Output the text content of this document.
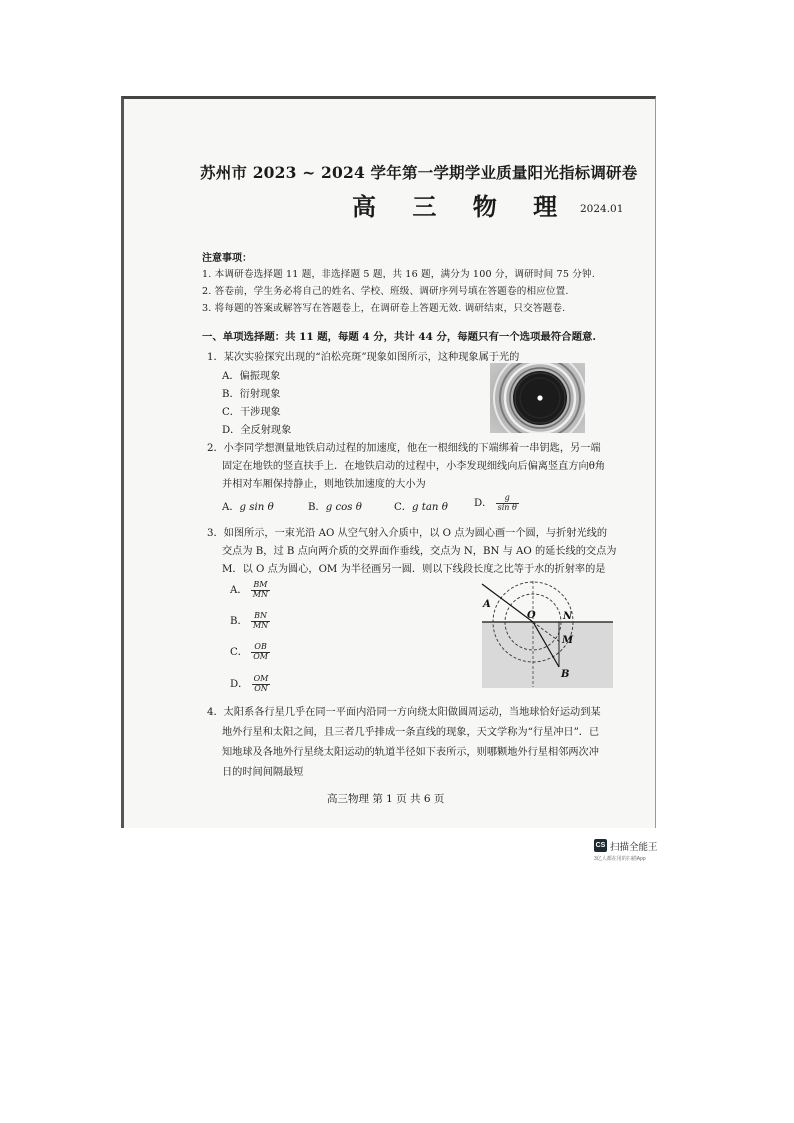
苏州市 2023 ~ 2024 学年第一学期学业质量阳光指标调研卷
高 三 物 理 2024.01
注意事项：
1. 本调研卷选择题 11 题，非选择题 5 题，共 16 题，满分为 100 分，调研时间 75 分钟.
2. 答卷前，学生务必将自己的姓名、学校、班级、调研序列号填在答题卷的相应位置.
3. 将每题的答案或解答写在答题卷上，在调研卷上答题无效. 调研结束，只交答题卷.
一、单项选择题：共 11 题，每题 4 分，共计 44 分，每题只有一个选项最符合题意.
1．某次实验探究出现的“泊松亮斑”现象如图所示，这种现象属于光的
A．偏振现象
B．衍射现象
C．干涉现象
D．全反射现象
2．小李同学想测量地铁启动过程的加速度，他在一根细线的下端绑着一串钥匙，另一端
固定在地铁的竖直扶手上．在地铁启动的过程中，小李发现细线向后偏离竖直方向θ角
并相对车厢保持静止，则地铁加速度的大小为
A．g sin θ	B．g cos θ	C．g tan θ	D． $\frac{g}{\text{sin θ}}$
3．如图所示，一束光沿 AO 从空气射入介质中，以 O 点为圆心画一个圆，与折射光线的
交点为 B，过 B 点向两介质的交界面作垂线，交点为 N，BN 与 AO 的延长线的交点为
M．以 O 点为圆心，OM 为半径画另一圆．则以下线段长度之比等于水的折射率的是
A． $\frac{BM}{MN}$
B． $\frac{BN}{MN}$
C． $\frac{OB}{OM}$
D． $\frac{OM}{ON}$
A
O	N
M
B
4．太阳系各行星几乎在同一平面内沿同一方向绕太阳做圆周运动，当地球恰好运动到某
地外行星和太阳之间，且三者几乎排成一条直线的现象，天文学称为“行星冲日”．已
知地球及各地外行星绕太阳运动的轨道半径如下表所示，则哪颗地外行星相邻两次冲
日的时间间隔最短
高三物理 第 1 页 共 6 页
CS 扫描全能王
3亿人都在用的扫描App
